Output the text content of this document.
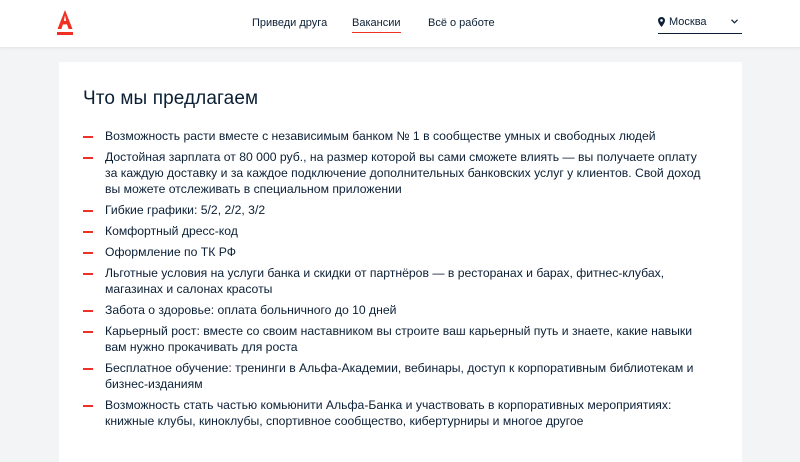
Приведи друга Вакансии	Всё о работе	Москва
Что мы предлагаем
Возможность расти вместе с независимым банком № 1 в сообществе умных и свободных людей
Достойная зарплата от 80 000 руб., на размер которой вы сами сможете влиять — вы получаете оплату за каждую доставку и за каждое подключение дополнительных банковских услуг у клиентов. Свой доход вы можете отслеживать в специальном приложении
Гибкие графики: 5/2, 2/2, 3/2
Комфортный дресс-код
Оформление по ТК РФ
Льготные условия на услуги банка и скидки от партнёров — в ресторанах и барах, фитнес-клубах, магазинах и салонах красоты
Забота о здоровье: оплата больничного до 10 дней
Карьерный рост: вместе со своим наставником вы строите ваш карьерный путь и знаете, какие навыки вам нужно прокачивать для роста
Бесплатное обучение: тренинги в Альфа-Академии, вебинары, доступ к корпоративным библиотекам и бизнес-изданиям
Возможность стать частью комьюнити Альфа-Банка и участвовать в корпоративных мероприятиях: книжные клубы, киноклубы, спортивное сообщество, кибертурниры и многое другое
